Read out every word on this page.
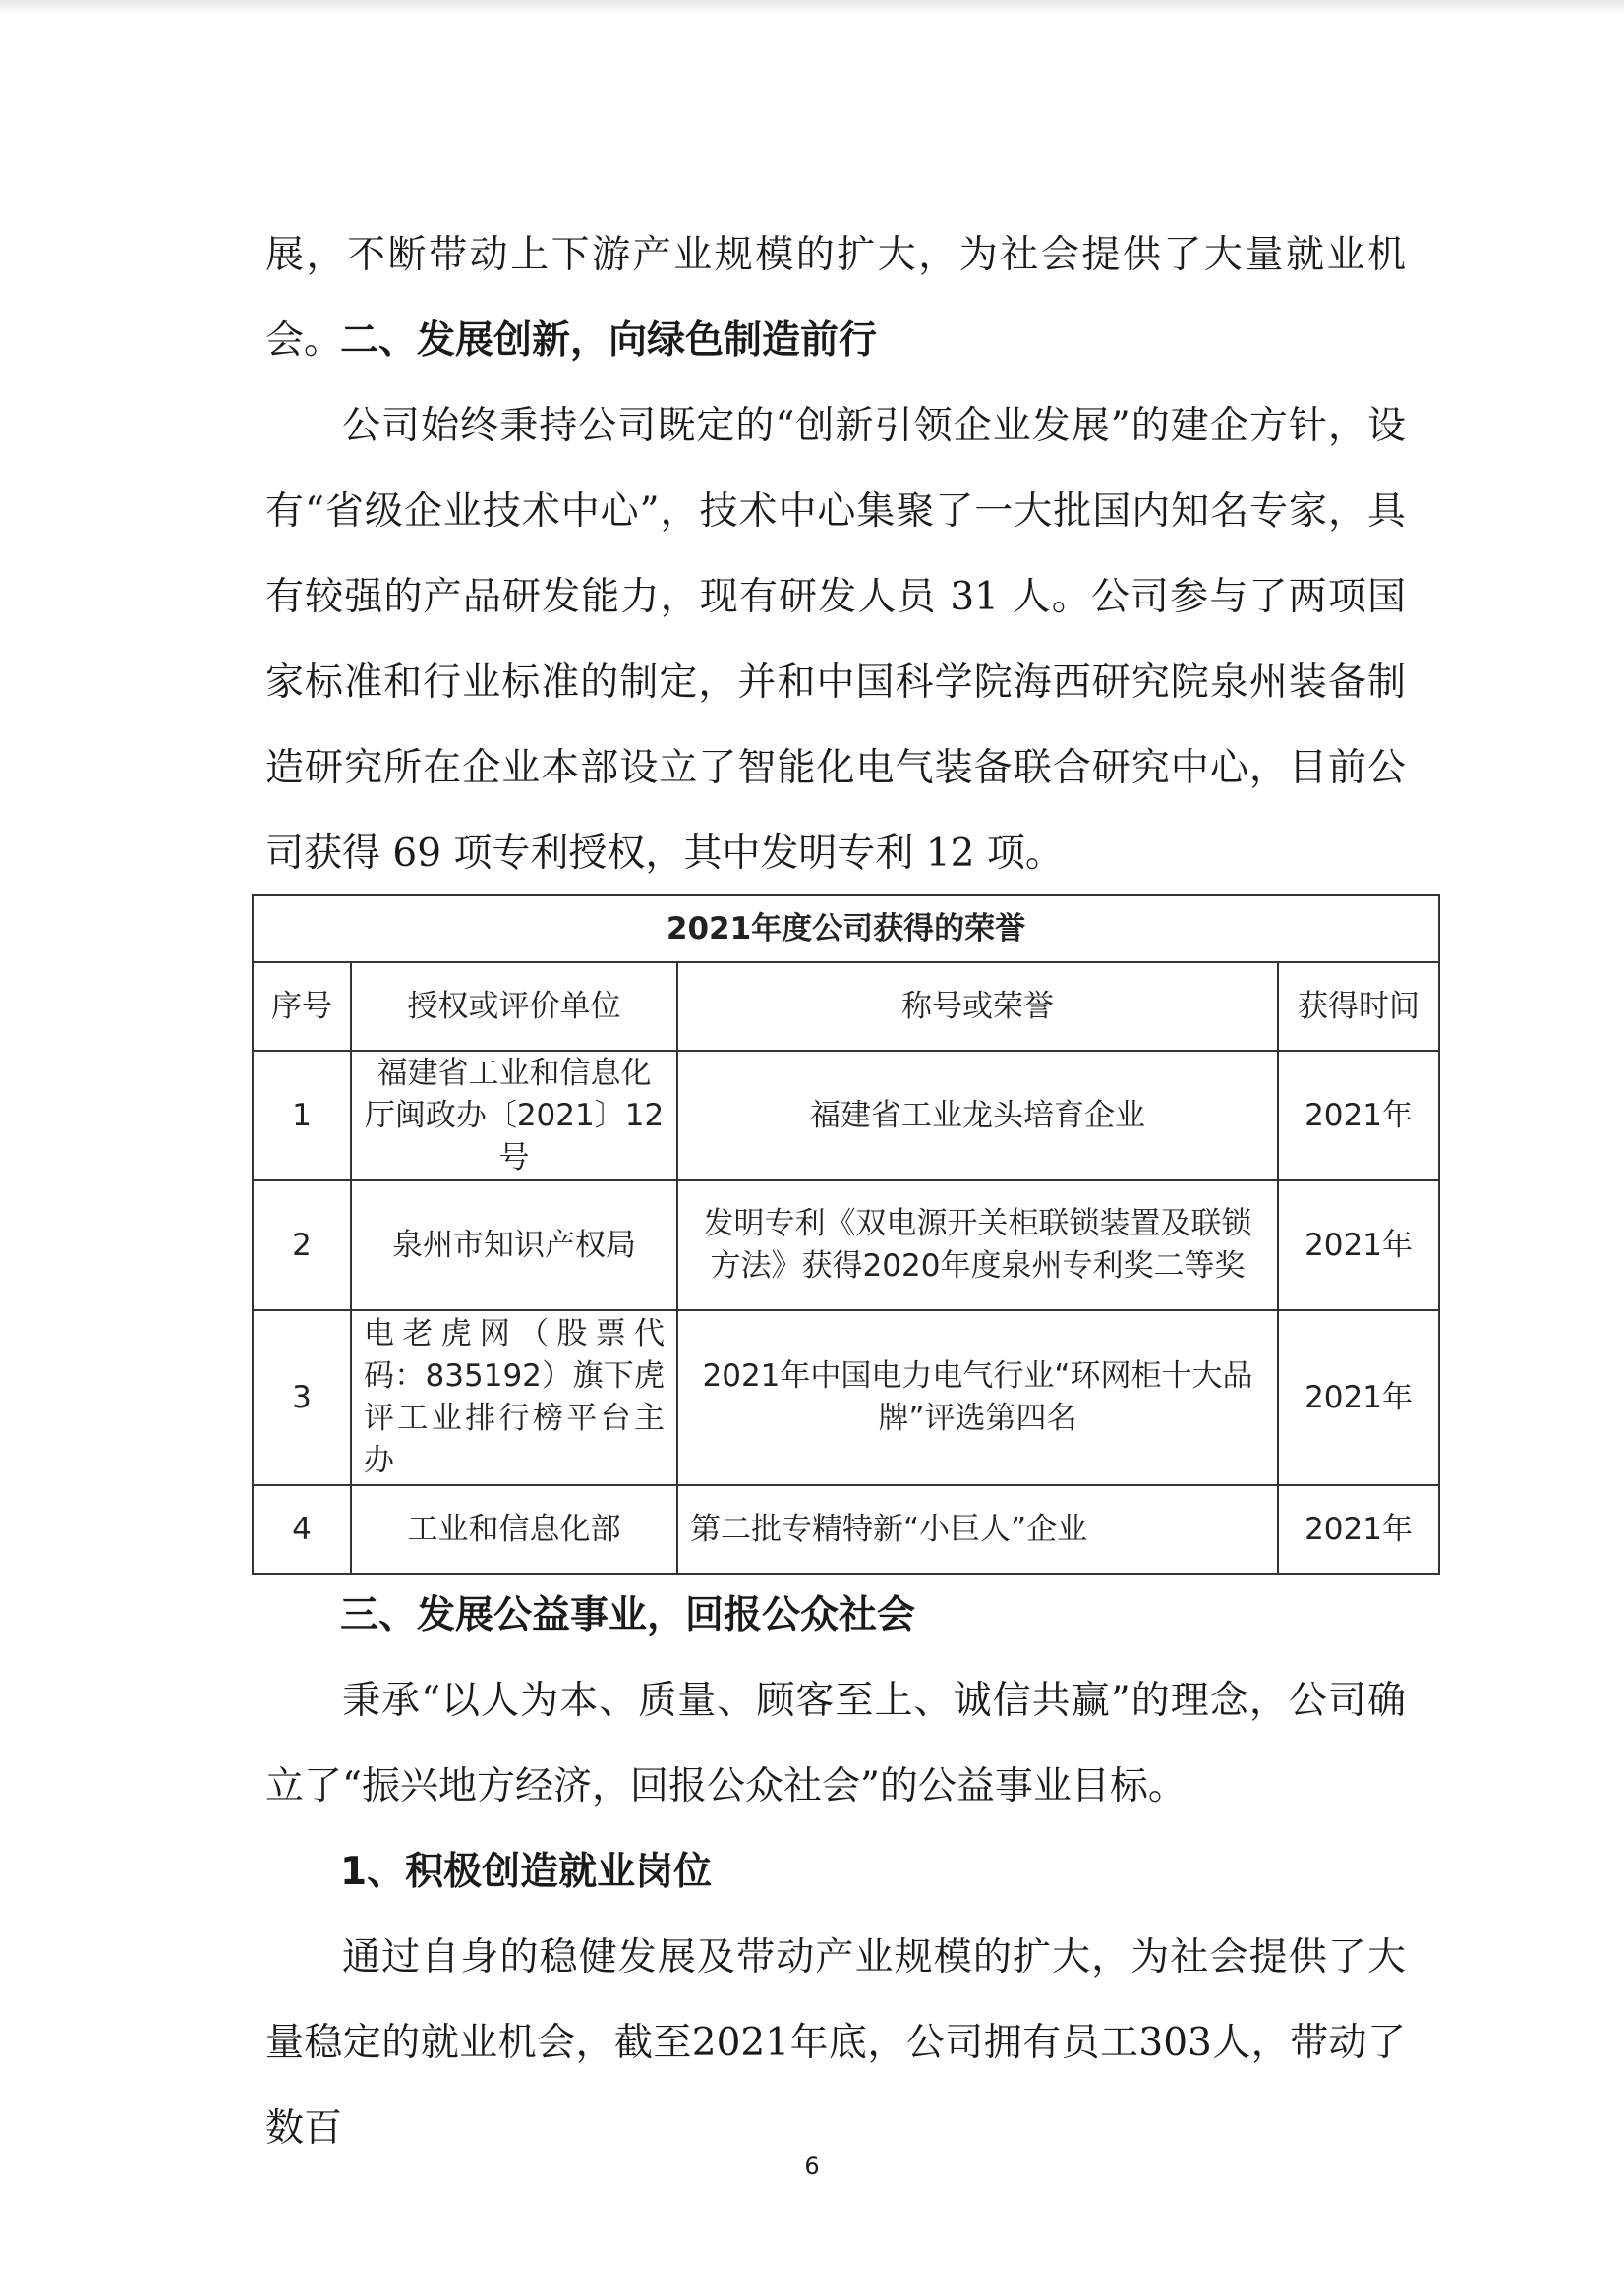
展，不断带动上下游产业规模的扩大，为社会提供了大量就业机会。

二、发展创新，向绿色制造前行

公司始终秉持公司既定的“创新引领企业发展”的建企方针，设有“省级企业技术中心”，技术中心集聚了一大批国内知名专家，具有较强的产品研发能力，现有研发人员 31 人。公司参与了两项国家标准和行业标准的制定，并和中国科学院海西研究院泉州装备制造研究所在企业本部设立了智能化电气装备联合研究中心，目前公司获得 69 项专利授权，其中发明专利 12 项。

2021年度公司获得的荣誉			
序号	授权或评价单位	称号或荣誉	获得时间
1	福建省工业和信息化厅闽政办〔2021〕12号	福建省工业龙头培育企业	2021年
2	泉州市知识产权局	发明专利《双电源开关柜联锁装置及联锁方法》获得2020年度泉州专利奖二等奖	2021年
3	电老虎网（股票代码：835192）旗下虎评工业排行榜平台主办	2021年中国电力电气行业“环网柜十大品牌”评选第四名	2021年
4	工业和信息化部	第二批专精特新“小巨人”企业	2021年
三、发展公益事业，回报公众社会

秉承“以人为本、质量、顾客至上、诚信共赢”的理念，公司确立了“振兴地方经济，回报公众社会”的公益事业目标。

1、积极创造就业岗位

通过自身的稳健发展及带动产业规模的扩大，为社会提供了大量稳定的就业机会，截至2021年底，公司拥有员工303人，带动了数百

6
